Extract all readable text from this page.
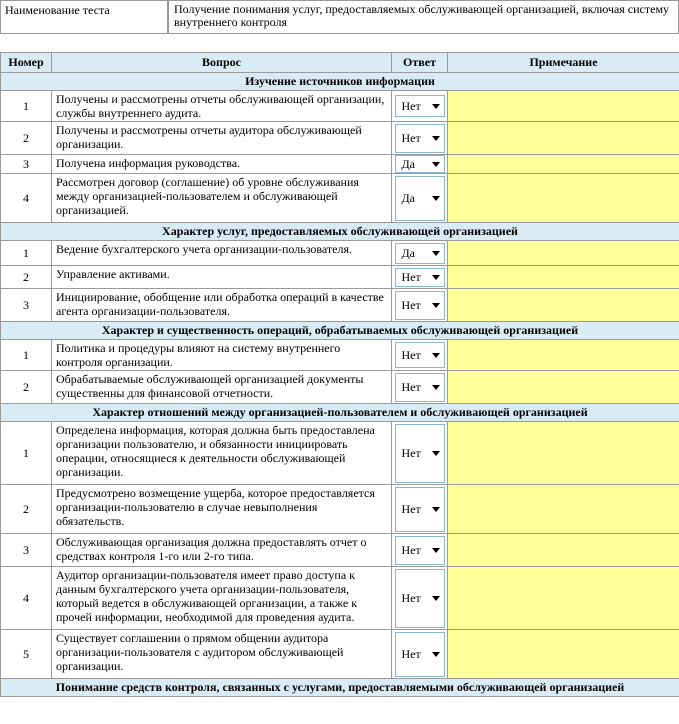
Наименование теста	Получение понимания услуг, предоставляемых обслуживающей организацией, включая систему внутреннего контроля
Номер	Вопрос	Ответ	Примечание
Изучение источников информации			
1	Получены и рассмотрены отчеты обслуживающей организации, службы внутреннего аудита.	Нет	

2	Получены и рассмотрены отчеты аудитора обслуживающей организации.	Нет	

3	Получена информация руководства.	Да	

4	Рассмотрен договор (соглашение) об уровне обслуживания между организацией-пользователем и обслуживающей организацией.	Да	

Характер услуг, предоставляемых обслуживающей организацией			
1	Ведение бухгалтерского учета организации-пользователя.	Да	

2	Управление активами.	Нет	

3	Инициирование, обобщение или обработка операций в качестве агента организации-пользователя.	Нет	

Характер и существенность операций, обрабатываемых обслуживающей организацией			
1	Политика и процедуры влияют на систему внутреннего контроля организации.	Нет	

2	Обрабатываемые обслуживающей организацией документы существенны для финансовой отчетности.	Нет	

Характер отношений между организацией-пользователем и обслуживающей организацией			
1	Определена информация, которая должна быть предоставлена организации пользователю, и обязанности инициировать операции, относящиеся к деятельности обслуживающей организации.	Нет	

2	Предусмотрено возмещение ущерба, которое предоставляется организации-пользователю в случае невыполнения обязательств.	Нет	

3	Обслуживающая организация должна предоставлять отчет о средствах контроля 1-го или 2-го типа.	Нет	

4	Аудитор организации-пользователя имеет право доступа к данным бухгалтерского учета организации-пользователя, который ведется в обслуживающей организации, а также к прочей информации, необходимой для проведения аудита.	Нет	

5	Существует соглашении о прямом общении аудитора организации-пользователя с аудитором обслуживающей организации.	Нет	

Понимание средств контроля, связанных с услугами, предоставляемыми обслуживающей организацией			
